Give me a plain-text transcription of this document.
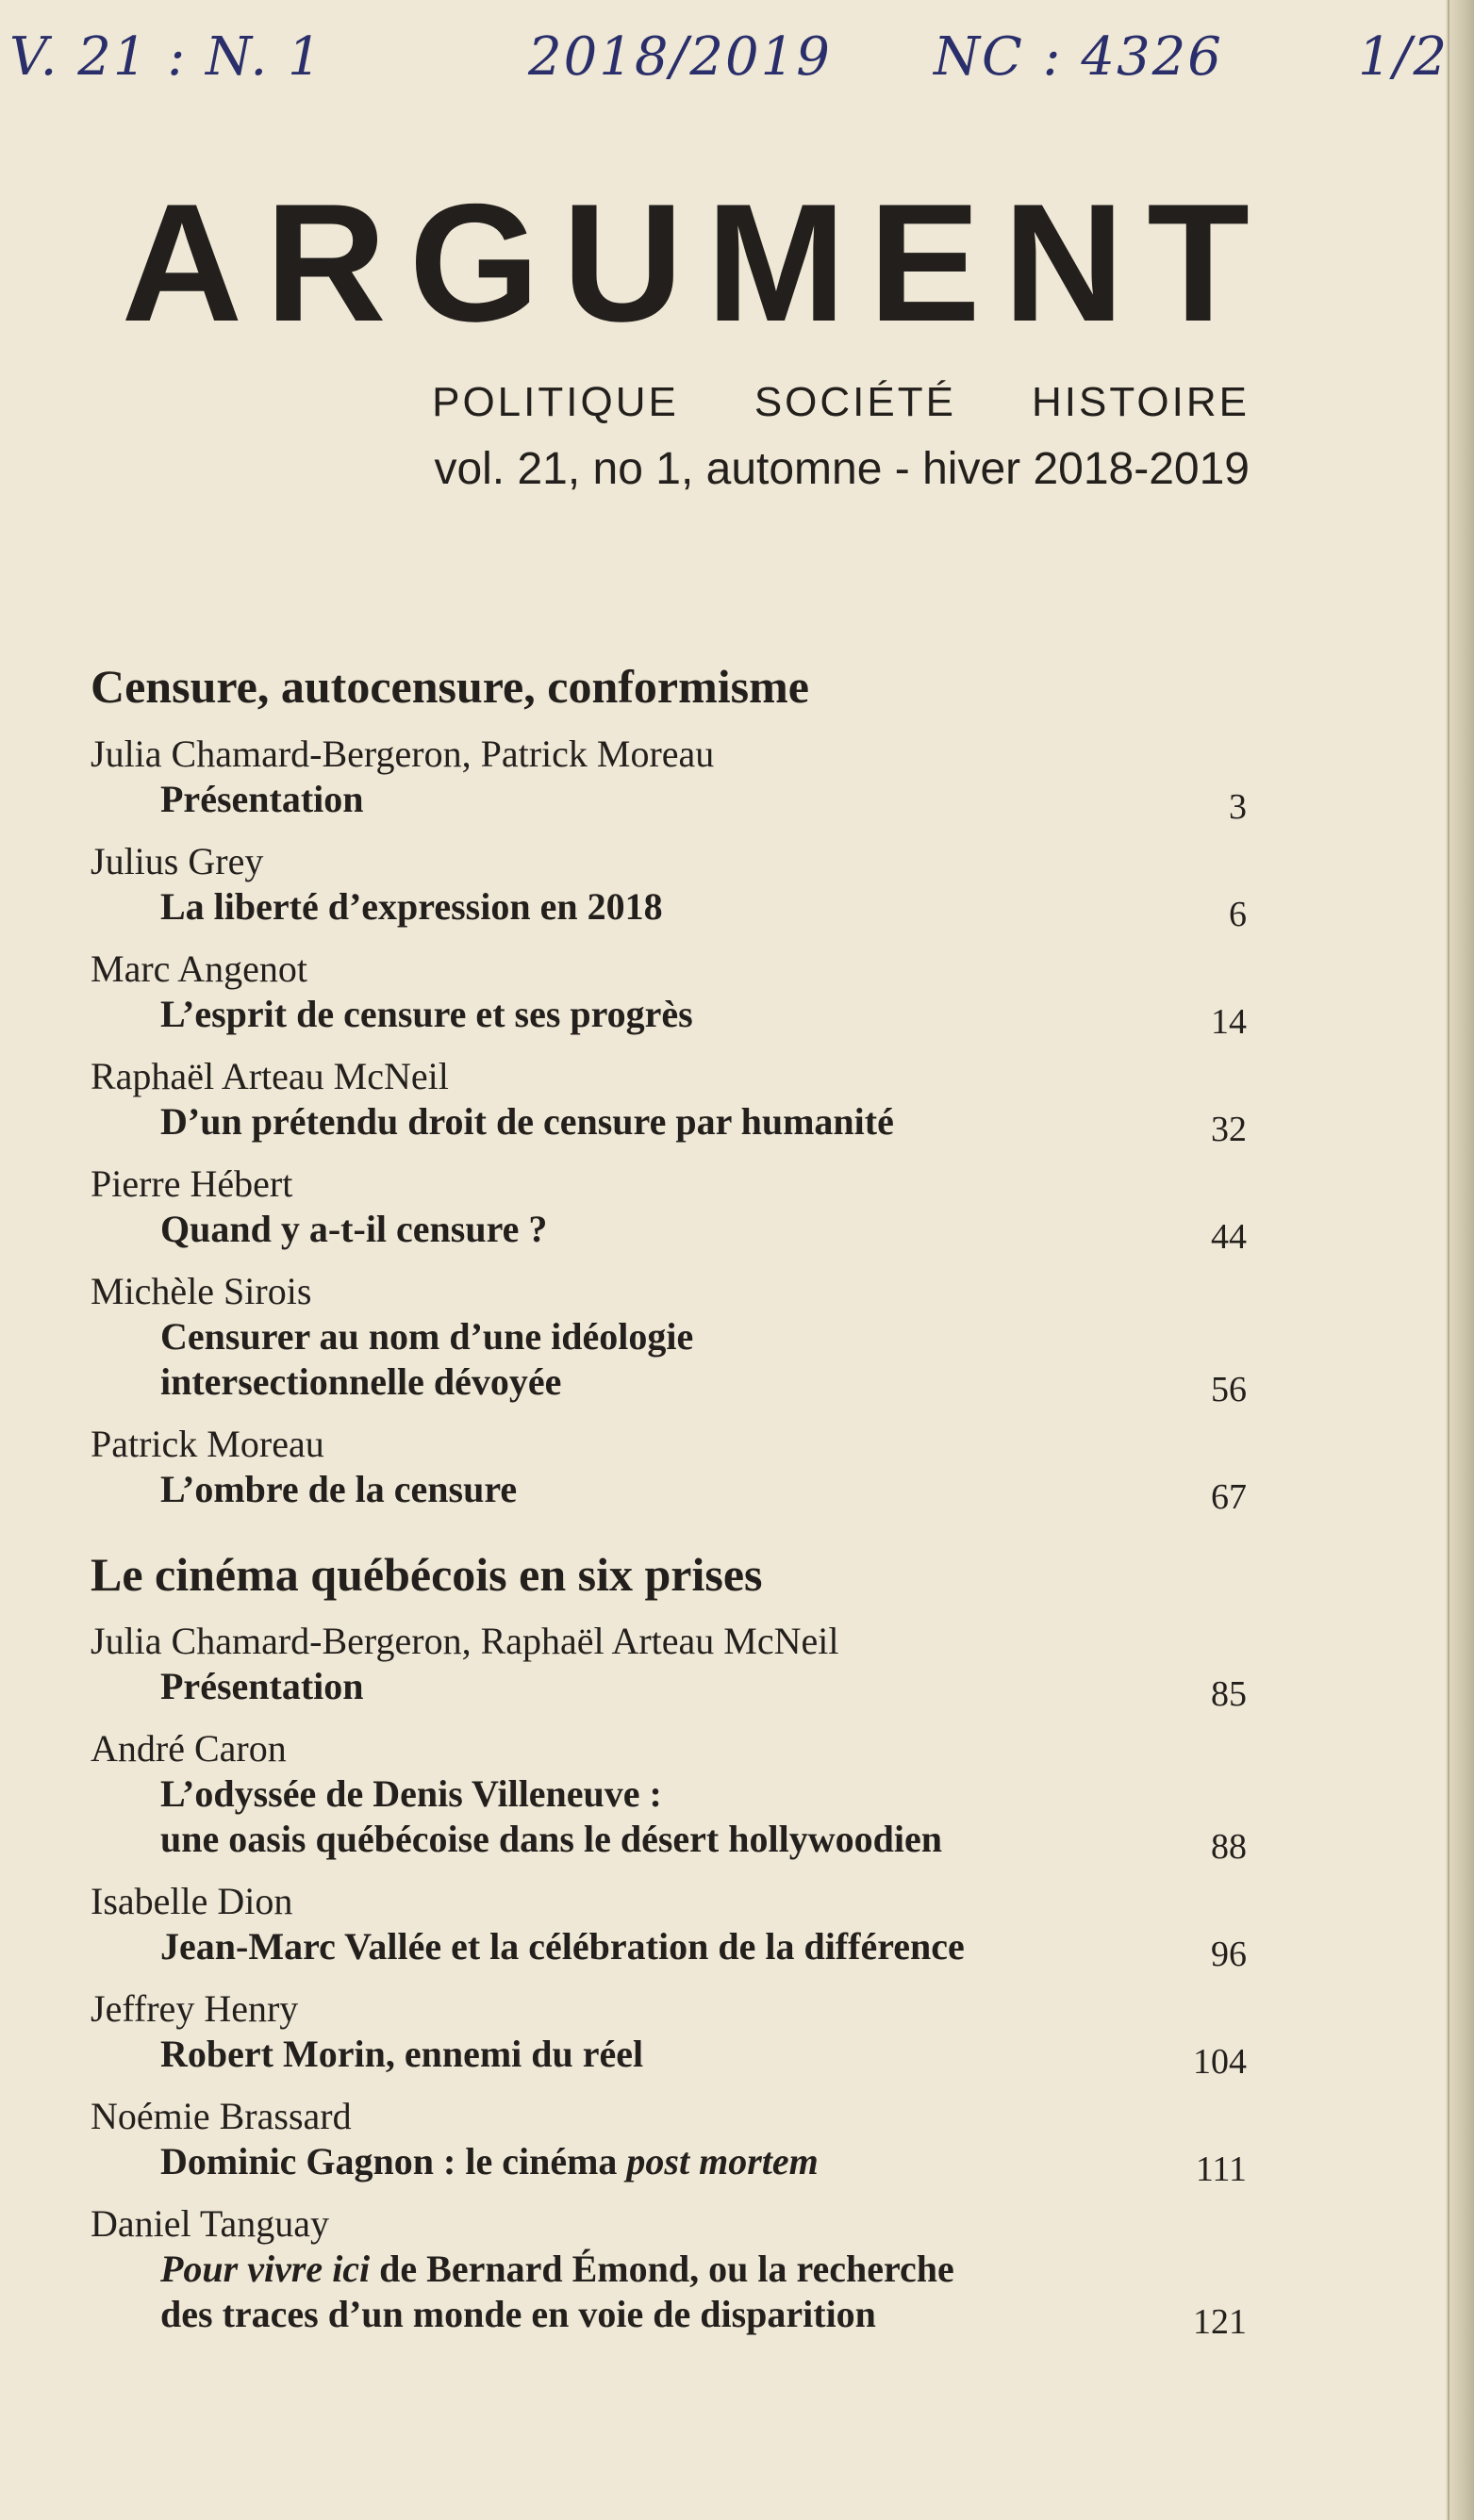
V. 21 : N. 1	2018/2019 NC : 4326	1/2
ARGUMENT
POLITIQUE SOCIÉTÉ HISTOIRE
vol. 21, no 1, automne - hiver 2018-2019
Censure, autocensure, conformisme
Julia Chamard-Bergeron, Patrick Moreau
Présentation	3
Julius Grey
La liberté d’expression en 2018	6
Marc Angenot
L’esprit de censure et ses progrès	14
Raphaël Arteau McNeil
D’un prétendu droit de censure par humanité	32
Pierre Hébert
Quand y a-t-il censure ?	44
Michèle Sirois
Censurer au nom d’une idéologie
intersectionnelle dévoyée	56
Patrick Moreau
L’ombre de la censure	67
Le cinéma québécois en six prises
Julia Chamard-Bergeron, Raphaël Arteau McNeil
Présentation	85
André Caron
L’odyssée de Denis Villeneuve :
une oasis québécoise dans le désert hollywoodien	88
Isabelle Dion
Jean-Marc Vallée et la célébration de la différence	96
Jeffrey Henry
Robert Morin, ennemi du réel	104
Noémie Brassard
Dominic Gagnon : le cinéma post mortem	111
Daniel Tanguay
Pour vivre ici de Bernard Émond, ou la recherche
des traces d’un monde en voie de disparition	121
